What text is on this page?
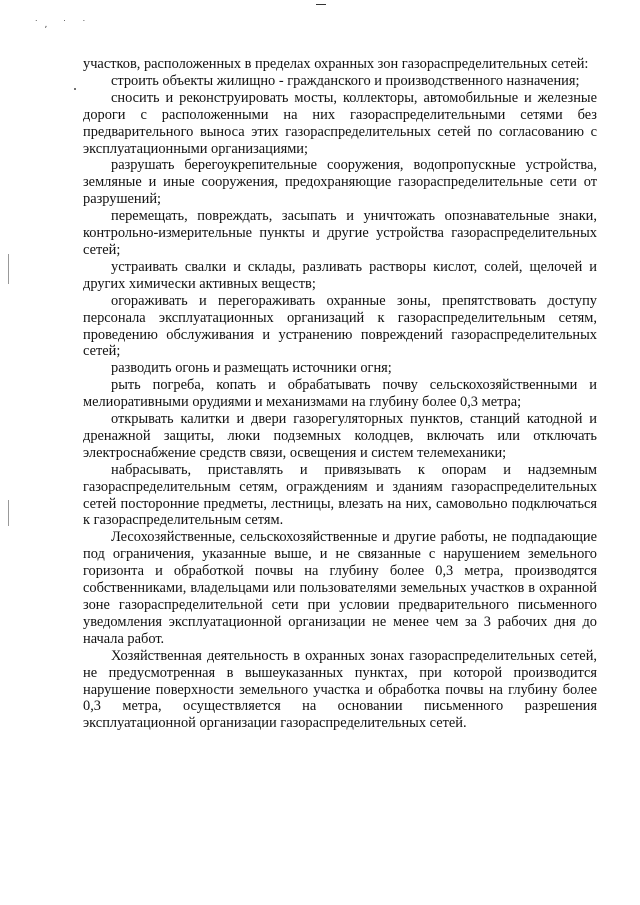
˙, ˙ ˙

участков, расположенных в пределах охранных зон газораспределительных сетей:

строить объекты жилищно - гражданского и производственного назначения;

сносить и реконструировать мосты, коллекторы, автомобильные и железные дороги с расположенными на них газораспределительными сетями без предварительного выноса этих газораспределительных сетей по согласованию с эксплуатационными организациями;

разрушать берегоукрепительные сооружения, водопропускные устройства, земляные и иные сооружения, предохраняющие газораспределительные сети от разрушений;

перемещать, повреждать, засыпать и уничтожать опознавательные знаки, контрольно-измерительные пункты и другие устройства газораспределительных сетей;

устраивать свалки и склады, разливать растворы кислот, солей, щелочей и других химически активных веществ;

огораживать и перегораживать охранные зоны, препятствовать доступу персонала эксплуатационных организаций к газораспределительным сетям, проведению обслуживания и устранению повреждений газораспределительных сетей;

разводить огонь и размещать источники огня;

рыть погреба, копать и обрабатывать почву сельскохозяйственными и мелиоративными орудиями и механизмами на глубину более 0,3 метра;

открывать калитки и двери газорегуляторных пунктов, станций катодной и дренажной защиты, люки подземных колодцев, включать или отключать электроснабжение средств связи, освещения и систем телемеханики;

набрасывать, приставлять и привязывать к опорам и надземным газораспределительным сетям, ограждениям и зданиям газораспределительных сетей посторонние предметы, лестницы, влезать на них, самовольно подключаться к газораспределительным сетям.

Лесохозяйственные, сельскохозяйственные и другие работы, не подпадающие под ограничения, указанные выше, и не связанные с нарушением земельного горизонта и обработкой почвы на глубину более 0,3 метра, производятся собственниками, владельцами или пользователями земельных участков в охранной зоне газораспределительной сети при условии предварительного письменного уведомления эксплуатационной организации не менее чем за 3 рабочих дня до начала работ.

Хозяйственная деятельность в охранных зонах газораспределительных сетей, не предусмотренная в вышеуказанных пунктах, при которой производится нарушение поверхности земельного участка и обработка почвы на глубину более 0,3 метра, осуществляется на основании письменного разрешения эксплуатационной организации газораспределительных сетей.
